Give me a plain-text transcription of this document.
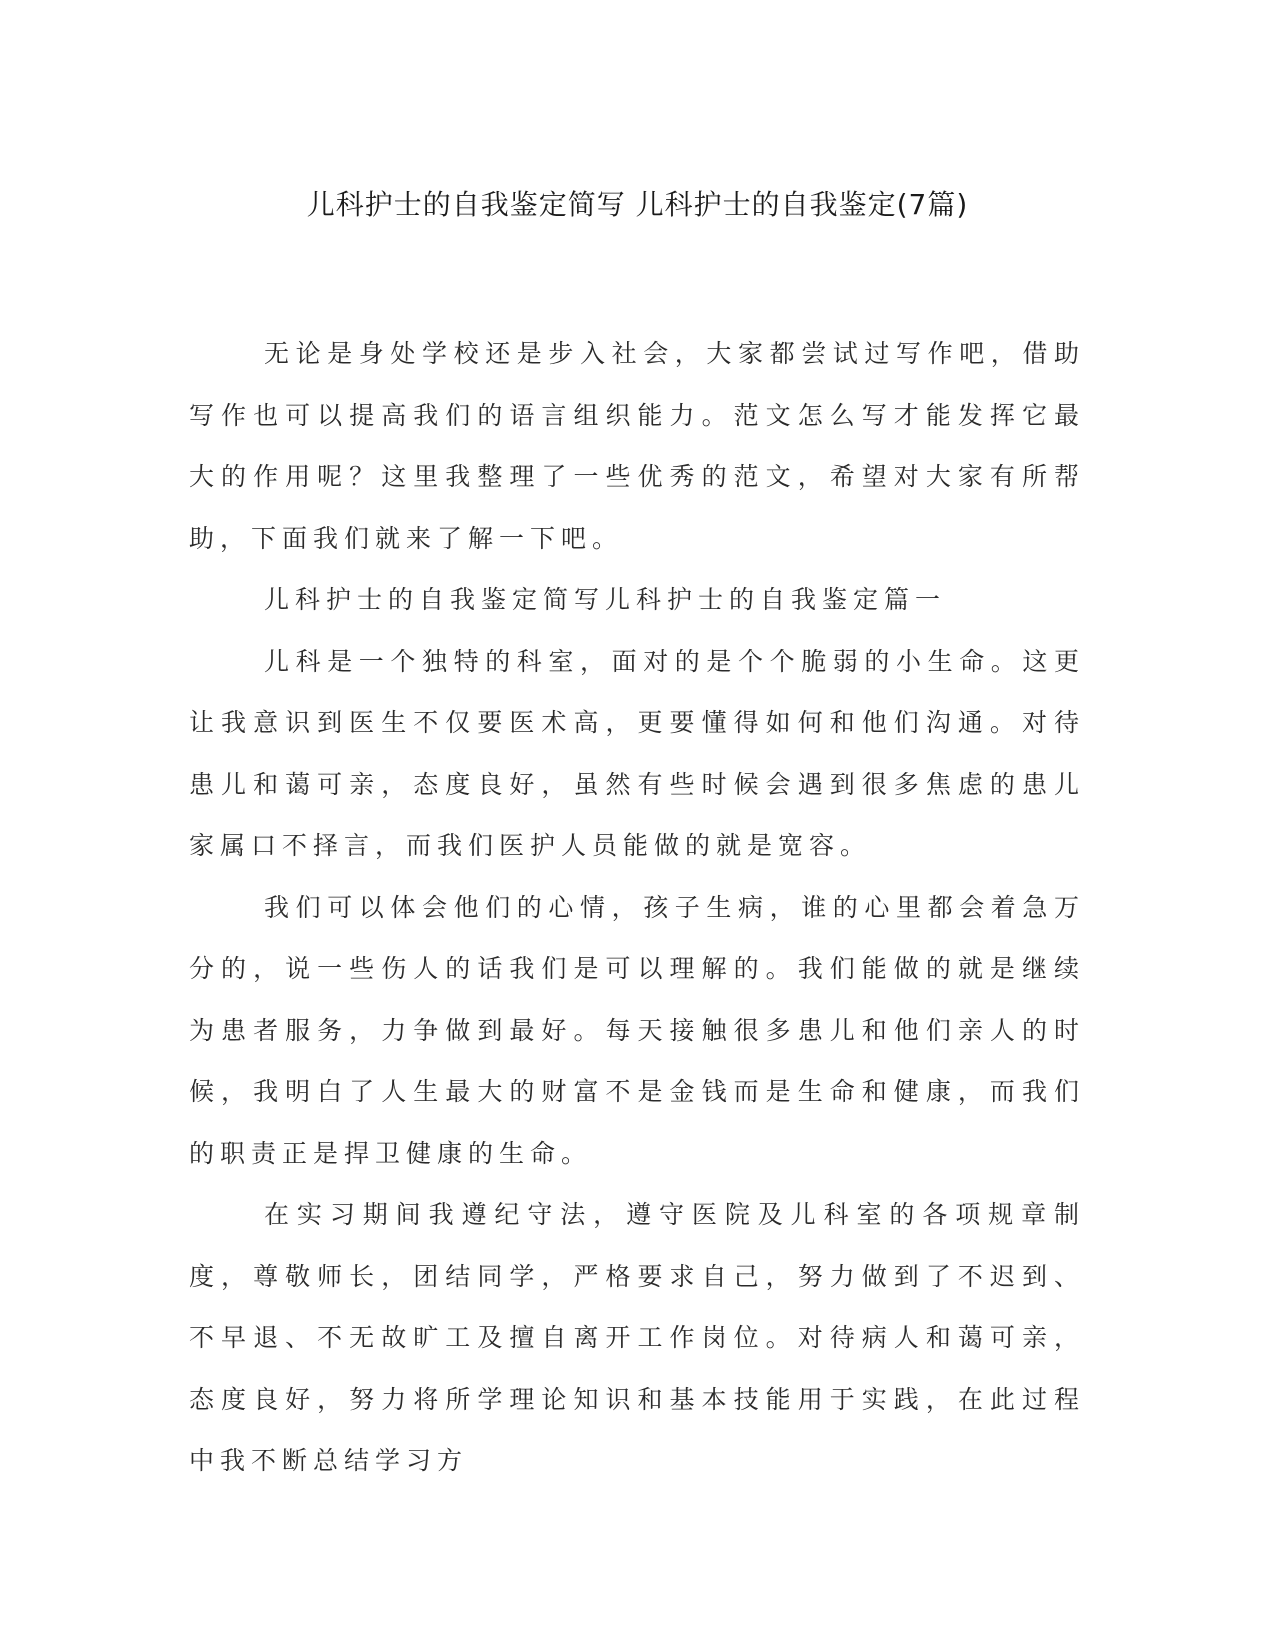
儿科护士的自我鉴定简写 儿科护士的自我鉴定(7篇)

无论是身处学校还是步入社会，大家都尝试过写作吧，借助写作也可以提高我们的语言组织能力。范文怎么写才能发挥它最大的作用呢？这里我整理了一些优秀的范文，希望对大家有所帮助，下面我们就来了解一下吧。

儿科护士的自我鉴定简写儿科护士的自我鉴定篇一

儿科是一个独特的科室，面对的是个个脆弱的小生命。这更让我意识到医生不仅要医术高，更要懂得如何和他们沟通。对待患儿和蔼可亲，态度良好，虽然有些时候会遇到很多焦虑的患儿家属口不择言，而我们医护人员能做的就是宽容。

我们可以体会他们的心情，孩子生病，谁的心里都会着急万分的，说一些伤人的话我们是可以理解的。我们能做的就是继续为患者服务，力争做到最好。每天接触很多患儿和他们亲人的时候，我明白了人生最大的财富不是金钱而是生命和健康，而我们的职责正是捍卫健康的生命。

在实习期间我遵纪守法，遵守医院及儿科室的各项规章制度，尊敬师长，团结同学，严格要求自己，努力做到了不迟到、不早退、不无故旷工及擅自离开工作岗位。对待病人和蔼可亲，态度良好，努力将所学理论知识和基本技能用于实践，在此过程中我不断总结学习方
